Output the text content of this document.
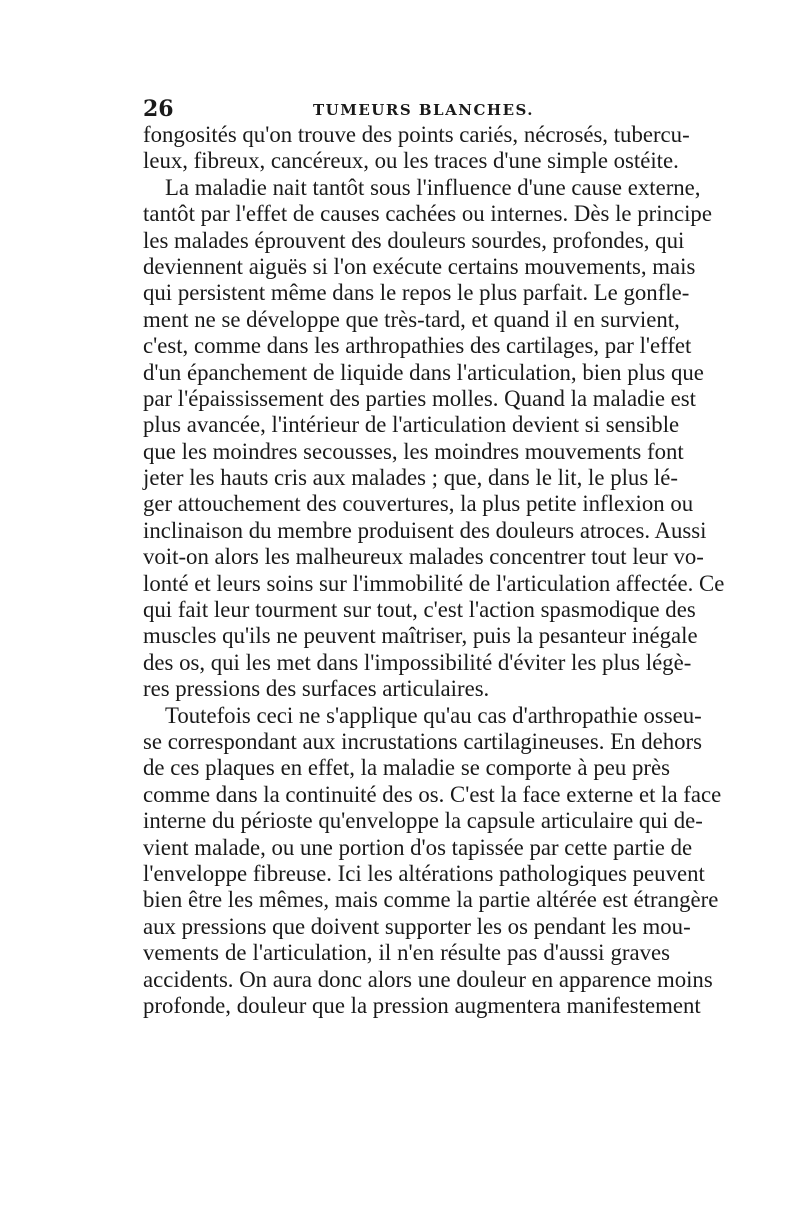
26	TUMEURS BLANCHES.
fongosités qu'on trouve des points cariés, nécrosés, tubercu-
leux, fibreux, cancéreux, ou les traces d'une simple ostéite.
La maladie nait tantôt sous l'influence d'une cause externe,
tantôt par l'effet de causes cachées ou internes. Dès le principe
les malades éprouvent des douleurs sourdes, profondes, qui
deviennent aiguës si l'on exécute certains mouvements, mais
qui persistent même dans le repos le plus parfait. Le gonfle-
ment ne se développe que très-tard, et quand il en survient,
c'est, comme dans les arthropathies des cartilages, par l'effet
d'un épanchement de liquide dans l'articulation, bien plus que
par l'épaississement des parties molles. Quand la maladie est
plus avancée, l'intérieur de l'articulation devient si sensible
que les moindres secousses, les moindres mouvements font
jeter les hauts cris aux malades ; que, dans le lit, le plus lé-
ger attouchement des couvertures, la plus petite inflexion ou
inclinaison du membre produisent des douleurs atroces. Aussi
voit-on alors les malheureux malades concentrer tout leur vo-
lonté et leurs soins sur l'immobilité de l'articulation affectée. Ce
qui fait leur tourment sur tout, c'est l'action spasmodique des
muscles qu'ils ne peuvent maîtriser, puis la pesanteur inégale
des os, qui les met dans l'impossibilité d'éviter les plus légè-
res pressions des surfaces articulaires.
Toutefois ceci ne s'applique qu'au cas d'arthropathie osseu-
se correspondant aux incrustations cartilagineuses. En dehors
de ces plaques en effet, la maladie se comporte à peu près
comme dans la continuité des os. C'est la face externe et la face
interne du périoste qu'enveloppe la capsule articulaire qui de-
vient malade, ou une portion d'os tapissée par cette partie de
l'enveloppe fibreuse. Ici les altérations pathologiques peuvent
bien être les mêmes, mais comme la partie altérée est étrangère
aux pressions que doivent supporter les os pendant les mou-
vements de l'articulation, il n'en résulte pas d'aussi graves
accidents. On aura donc alors une douleur en apparence moins
profonde, douleur que la pression augmentera manifestement
